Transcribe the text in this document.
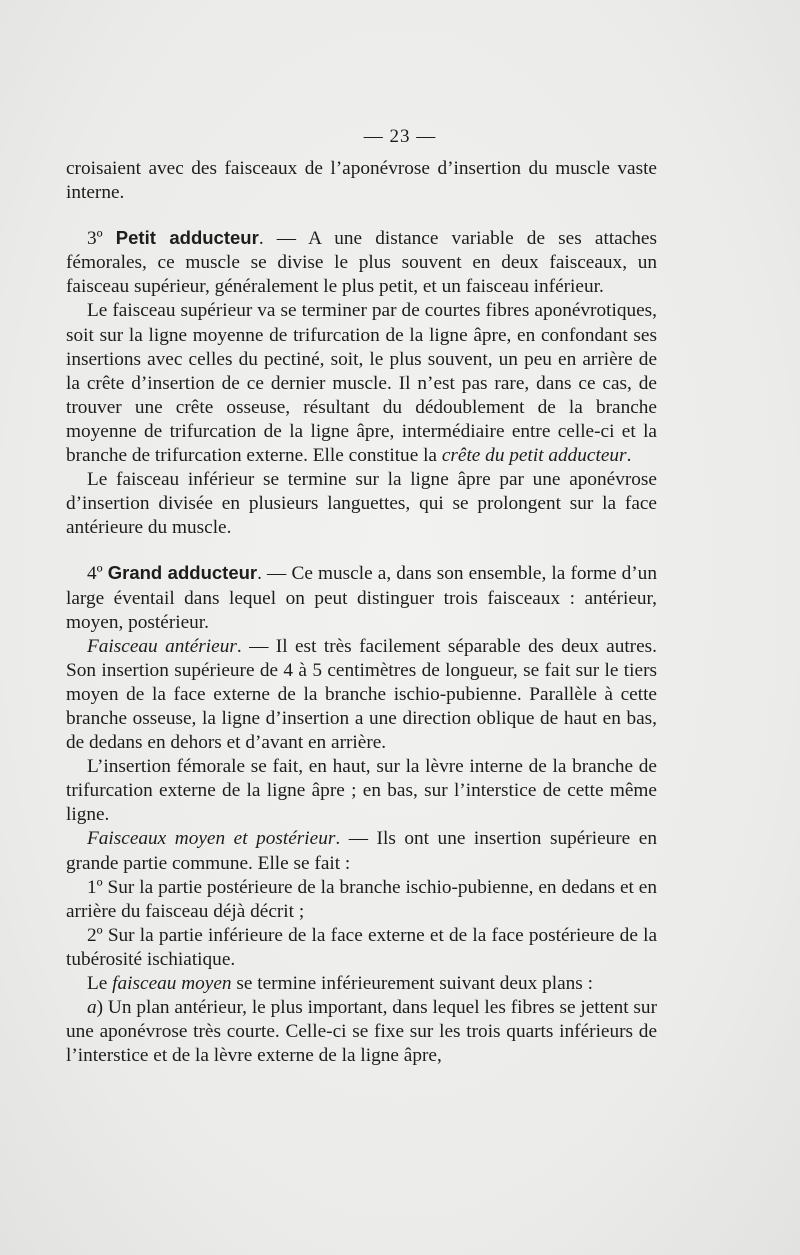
— 23 —

croisaient avec des faisceaux de l’aponévrose d’insertion du muscle vaste interne.

3º Petit adducteur. — A une distance variable de ses attaches fémorales, ce muscle se divise le plus souvent en deux faisceaux, un faisceau supérieur, généralement le plus petit, et un faisceau inférieur.

Le faisceau supérieur va se terminer par de courtes fibres aponévrotiques, soit sur la ligne moyenne de trifurcation de la ligne âpre, en confondant ses insertions avec celles du pectiné, soit, le plus souvent, un peu en arrière de la crête d’insertion de ce dernier muscle. Il n’est pas rare, dans ce cas, de trouver une crête osseuse, résultant du dédoublement de la branche moyenne de trifurcation de la ligne âpre, intermédiaire entre celle-ci et la branche de trifurcation externe. Elle constitue la crête du petit adducteur.

Le faisceau inférieur se termine sur la ligne âpre par une aponévrose d’insertion divisée en plusieurs languettes, qui se prolongent sur la face antérieure du muscle.

4º Grand adducteur. — Ce muscle a, dans son ensemble, la forme d’un large éventail dans lequel on peut distinguer trois faisceaux : antérieur, moyen, postérieur.

Faisceau antérieur. — Il est très facilement séparable des deux autres. Son insertion supérieure de 4 à 5 centimètres de longueur, se fait sur le tiers moyen de la face externe de la branche ischio-pubienne. Parallèle à cette branche osseuse, la ligne d’insertion a une direction oblique de haut en bas, de dedans en dehors et d’avant en arrière.

L’insertion fémorale se fait, en haut, sur la lèvre interne de la branche de trifurcation externe de la ligne âpre ; en bas, sur l’interstice de cette même ligne.

Faisceaux moyen et postérieur. — Ils ont une insertion supérieure en grande partie commune. Elle se fait :

1º Sur la partie postérieure de la branche ischio-pubienne, en dedans et en arrière du faisceau déjà décrit ;

2º Sur la partie inférieure de la face externe et de la face postérieure de la tubérosité ischiatique.

Le faisceau moyen se termine inférieurement suivant deux plans :

a) Un plan antérieur, le plus important, dans lequel les fibres se jettent sur une aponévrose très courte. Celle-ci se fixe sur les trois quarts inférieurs de l’interstice et de la lèvre externe de la ligne âpre,
